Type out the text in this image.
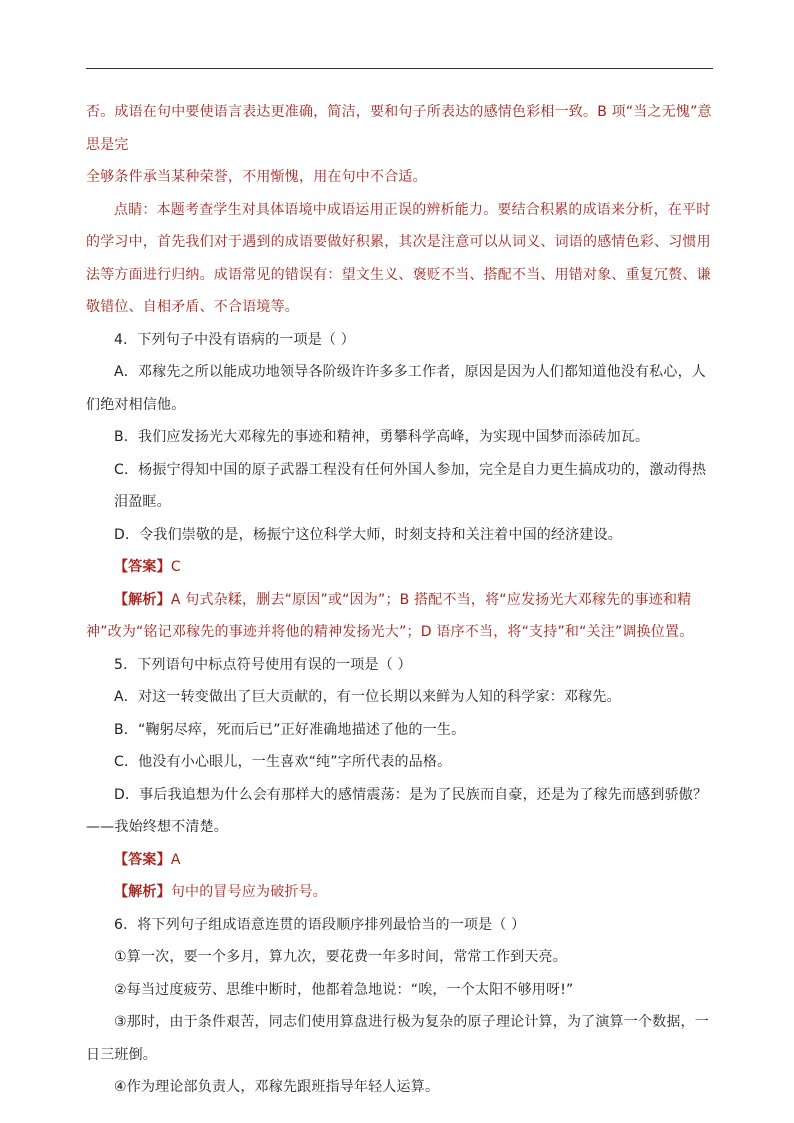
否。成语在句中要使语言表达更准确，简洁，要和句子所表达的感情色彩相一致。B 项“当之无愧”意思是完
全够条件承当某种荣誉，不用惭愧，用在句中不合适。

点睛：本题考查学生对具体语境中成语运用正误的辨析能力。要结合积累的成语来分析，在平时的学习中，首先我们对于遇到的成语要做好积累，其次是注意可以从词义、词语的感情色彩、习惯用法等方面进行归纳。成语常见的错误有：望文生义、褒贬不当、搭配不当、用错对象、重复冗赘、谦敬错位、自相矛盾、不合语境等。

4．下列句子中没有语病的一项是（ ）

A．邓稼先之所以能成功地领导各阶级许许多多工作者，原因是因为人们都知道他没有私心，人们绝对相信他。

B．我们应发扬光大邓稼先的事迹和精神，勇攀科学高峰，为实现中国梦而添砖加瓦。

C．杨振宁得知中国的原子武器工程没有任何外国人参加，完全是自力更生搞成功的，激动得热泪盈眶。

D．令我们崇敬的是，杨振宁这位科学大师，时刻支持和关注着中国的经济建设。

【答案】C

【解析】A 句式杂糅，删去“原因”或“因为”；B 搭配不当，将“应发扬光大邓稼先的事迹和精神”改为“铭记邓稼先的事迹并将他的精神发扬光大”；D 语序不当，将“支持”和“关注”调换位置。

5．下列语句中标点符号使用有误的一项是（ ）

A．对这一转变做出了巨大贡献的，有一位长期以来鲜为人知的科学家：邓稼先。

B．“鞠躬尽瘁，死而后已”正好准确地描述了他的一生。

C．他没有小心眼儿，一生喜欢“纯”字所代表的品格。

D．事后我追想为什么会有那样大的感情震荡：是为了民族而自豪，还是为了稼先而感到骄傲？——我始终想不清楚。

【答案】A

【解析】句中的冒号应为破折号。

6．将下列句子组成语意连贯的语段顺序排列最恰当的一项是（ ）

①算一次，要一个多月，算九次，要花费一年多时间，常常工作到天亮。

②每当过度疲劳、思维中断时，他都着急地说：“唉，一个太阳不够用呀!”

③那时，由于条件艰苦，同志们使用算盘进行极为复杂的原子理论计算，为了演算一个数据，一日三班倒。

④作为理论部负责人，邓稼先跟班指导年轻人运算。
